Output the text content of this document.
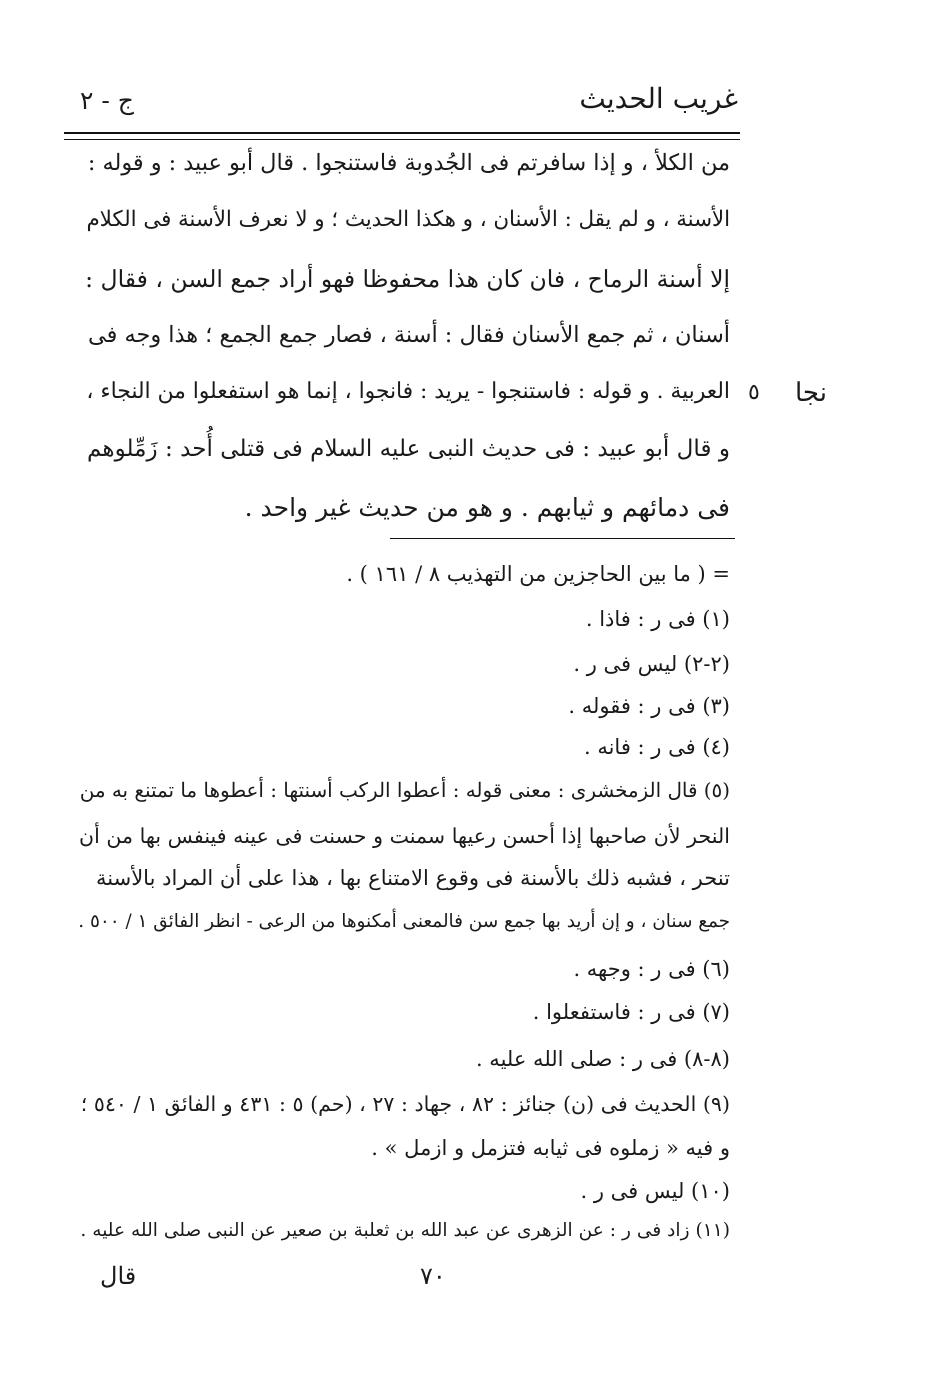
غريب الحديث
ج - ٢
من الكلأ ، و إذا سافرتم فى الجُدوبة فاستنجوا . قال أبو عبيد : و قوله :
الأسنة ، و لم يقل : الأسنان ، و هكذا الحديث ؛ و لا نعرف الأسنة فى الكلام
إلا أسنة الرماح ، فان كان هذا محفوظا فهو أراد جمع السن ، فقال :
أسنان ، ثم جمع الأسنان فقال : أسنة ، فصار جمع الجمع ؛ هذا وجه فى
العربية . و قوله : فاستنجوا - يريد : فانجوا ، إنما هو استفعلوا من النجاء ،
و قال أبو عبيد : فى حديث النبى عليه السلام فى قتلى أُحد : زَمِّلوهم
فى دمائهم و ثيابهم . و هو من حديث غير واحد .
٥ نجا
= ( ما بين الحاجزين من التهذيب ٨ / ١٦١ ) .
(١) فى ر : فاذا .
(٢-٢) ليس فى ر .
(٣) فى ر : فقوله .
(٤) فى ر : فانه .
(٥) قال الزمخشرى : معنى قوله : أعطوا الركب أسنتها : أعطوها ما تمتنع به من
النحر لأن صاحبها إذا أحسن رعيها سمنت و حسنت فى عينه فينفس بها من أن
تنحر ، فشبه ذلك بالأسنة فى وقوع الامتناع بها ، هذا على أن المراد بالأسنة
جمع سنان ، و إن أريد بها جمع سن فالمعنى أمكنوها من الرعى - انظر الفائق ١ / ٥٠٠ .
(٦) فى ر : وجهه .
(٧) فى ر : فاستفعلوا .
(٨-٨) فى ر : صلى الله عليه .
(٩) الحديث فى (ن) جنائز : ٨٢ ، جهاد : ٢٧ ، (حم) ٥ : ٤٣١ و الفائق ١ / ٥٤٠ ؛
و فيه « زملوه فى ثيابه فتزمل و ازمل » .
(١٠) ليس فى ر .
(١١) زاد فى ر : عن الزهرى عن عبد الله بن ثعلبة بن صعير عن النبى صلى الله عليه .
٧٠
قال
